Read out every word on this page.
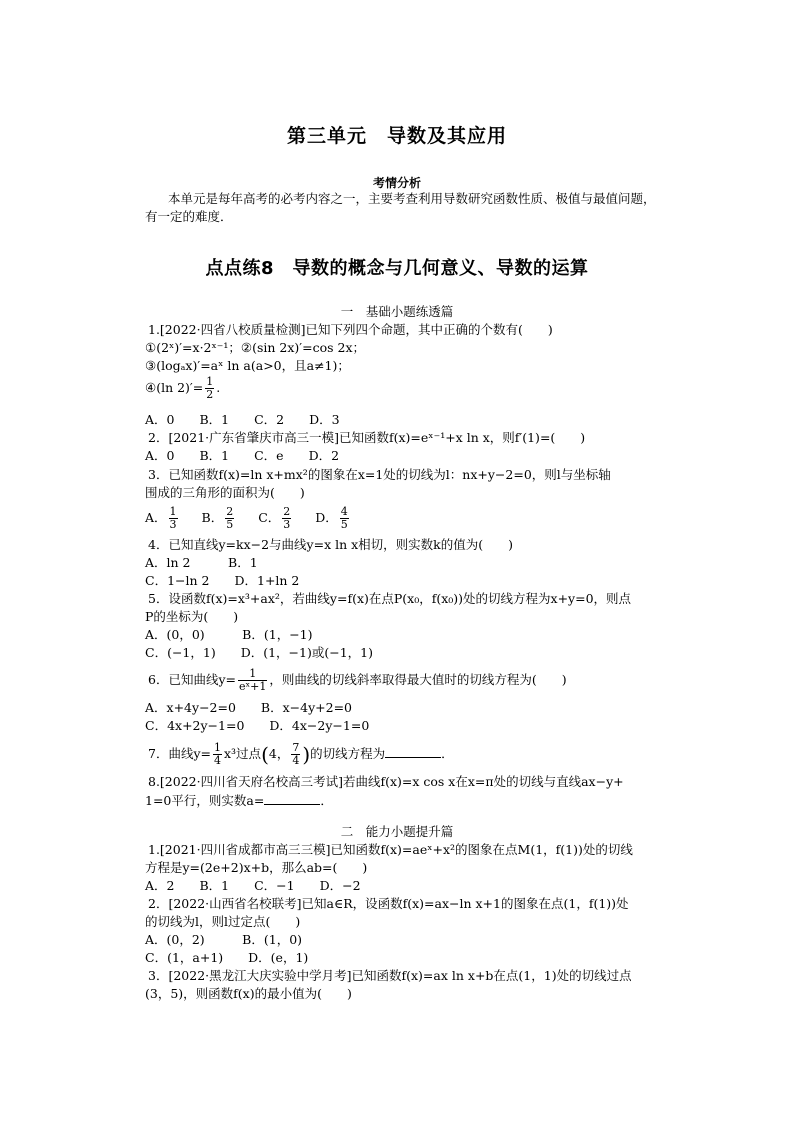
第三单元　导数及其应用
考情分析
本单元是每年高考的必考内容之一，主要考查利用导数研究函数性质、极值与最值问题，
有一定的难度．
点点练8　导数的概念与几何意义、导数的运算
一　基础小题练透篇
1.[2022·四省八校质量检测]已知下列四个命题，其中正确的个数有(　　)
①(2ˣ)′=x·2ˣ⁻¹；②(sin 2x)′=cos 2x；
③(logₐx)′=aˣ ln a(a>0，且a≠1)；
④(ln $2)'= \frac{1}{2}$ .
A．0　　B．1　　C．2　　D．3
2．[2021·广东省肇庆市高三一模]已知函数f(x)=eˣ⁻¹+x ln x，则f′(1)=(　　)
A．0　　B．1　　C．e　　D．2
3．已知函数f(x)=ln x+mx²的图象在x=1处的切线为l：nx+y−2=0，则l与坐标轴
围成的三角形的面积为(　　)
A． $\frac{1}{3}$ B． $\frac{2}{5}$ C． $\frac{2}{3}$ D． $\frac{4}{5}$
4．已知直线y=kx−2与曲线y=x ln x相切，则实数k的值为(　　)
A．ln 2　　　B．1
C．1−ln 2　　D．1+ln 2
5．设函数f(x)=x³+ax²，若曲线y=f(x)在点P(x₀，f(x₀))处的切线方程为x+y=0，则点
P的坐标为(　　)
A．(0，0)　　　B．(1，−1)
C．(−1，1)　　D．(1，−1)或(−1，1)
6．已知曲线$y= \frac{1}{\text{eˣ+1}}$ ，则曲线的切线斜率取得最大值时的切线方程为(　　)
A．x+4y−2=0　　B．x−4y+2=0
C．4x+2y−1=0　　D．4x−2y−1=0
7．曲线$y= \frac{1}{4} x^3$过点(4， $\frac{7}{4}$ )的切线方程为	．
8.[2022·四川省天府名校高三考试]若曲线f(x)=x cos x在x=π处的切线与直线ax−y+
1=0平行，则实数a=	．
二　能力小题提升篇
1.[2021·四川省成都市高三三模]已知函数f(x)=aeˣ+x²的图象在点M(1，f(1))处的切线
方程是y=(2e+2)x+b，那么ab=(　　)
A．2　　B．1　　C．−1　　D．−2
2．[2022·山西省名校联考]已知a∈R，设函数f(x)=ax−ln x+1的图象在点(1，f(1))处
的切线为l，则l过定点(　　)
A．(0，2)　　　B．(1，0)
C．(1，a+1)　　D．(e，1)
3．[2022·黑龙江大庆实验中学月考]已知函数f(x)=ax ln x+b在点(1，1)处的切线过点
(3，5)，则函数f(x)的最小值为(　　)
